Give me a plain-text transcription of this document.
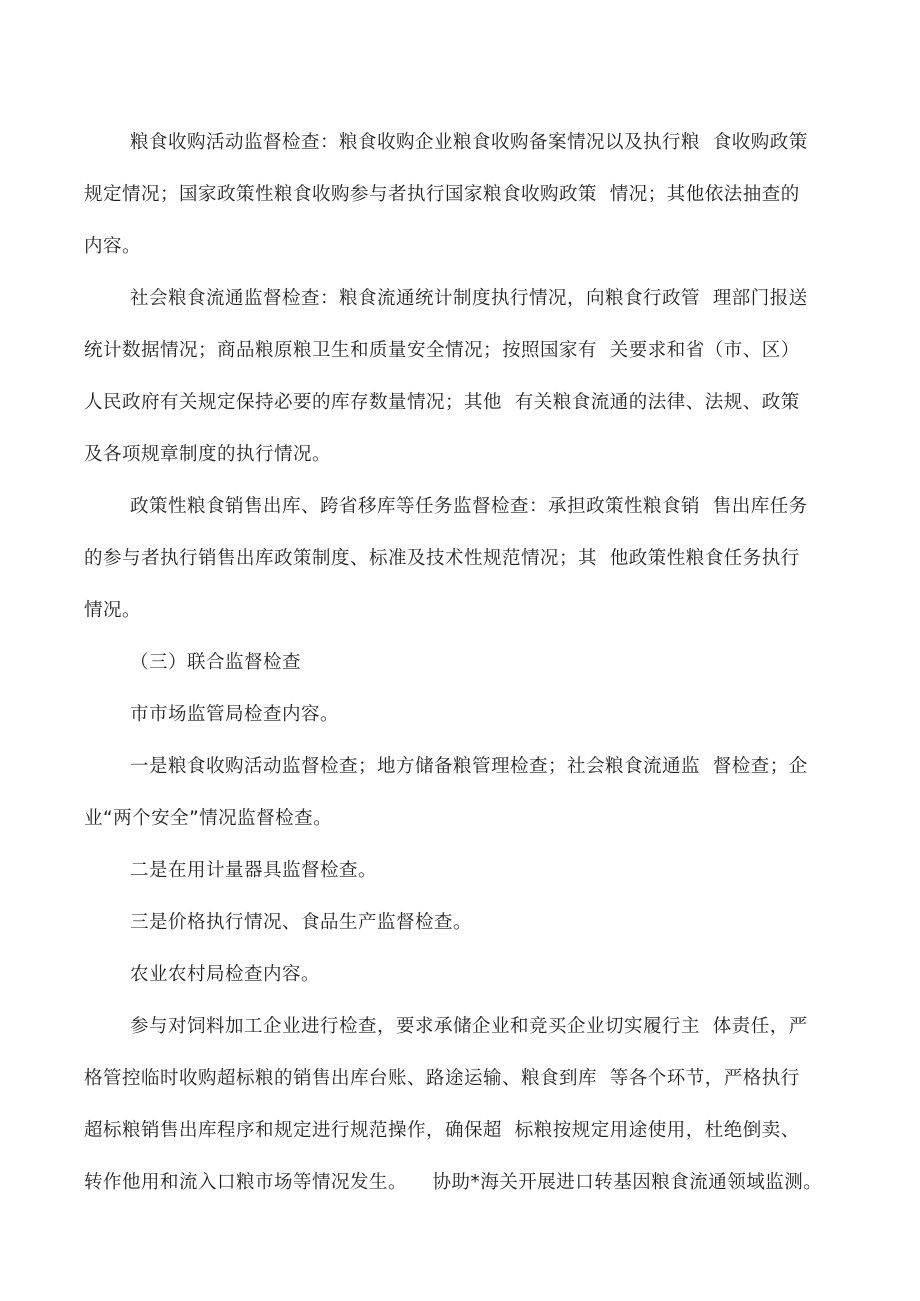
粮食收购活动监督检查：粮食收购企业粮食收购备案情况以及执行粮  食收购政策
规定情况；国家政策性粮食收购参与者执行国家粮食收购政策  情况；其他依法抽查的
内容。
社会粮食流通监督检查：粮食流通统计制度执行情况，向粮食行政管  理部门报送
统计数据情况；商品粮原粮卫生和质量安全情况；按照国家有  关要求和省（市、区）
人民政府有关规定保持必要的库存数量情况；其他  有关粮食流通的法律、法规、政策
及各项规章制度的执行情况。
政策性粮食销售出库、跨省移库等任务监督检查：承担政策性粮食销  售出库任务
的参与者执行销售出库政策制度、标准及技术性规范情况；其  他政策性粮食任务执行
情况。
（三）联合监督检查
市市场监管局检查内容。
一是粮食收购活动监督检查；地方储备粮管理检查；社会粮食流通监  督检查；企
业“两个安全”情况监督检查。
二是在用计量器具监督检查。
三是价格执行情况、食品生产监督检查。
农业农村局检查内容。
参与对饲料加工企业进行检查，要求承储企业和竞买企业切实履行主  体责任，严
格管控临时收购超标粮的销售出库台账、路途运输、粮食到库  等各个环节，严格执行
超标粮销售出库程序和规定进行规范操作，确保超  标粮按规定用途使用，杜绝倒卖、
转作他用和流入口粮市场等情况发生。    协助*海关开展进口转基因粮食流通领域监测。
